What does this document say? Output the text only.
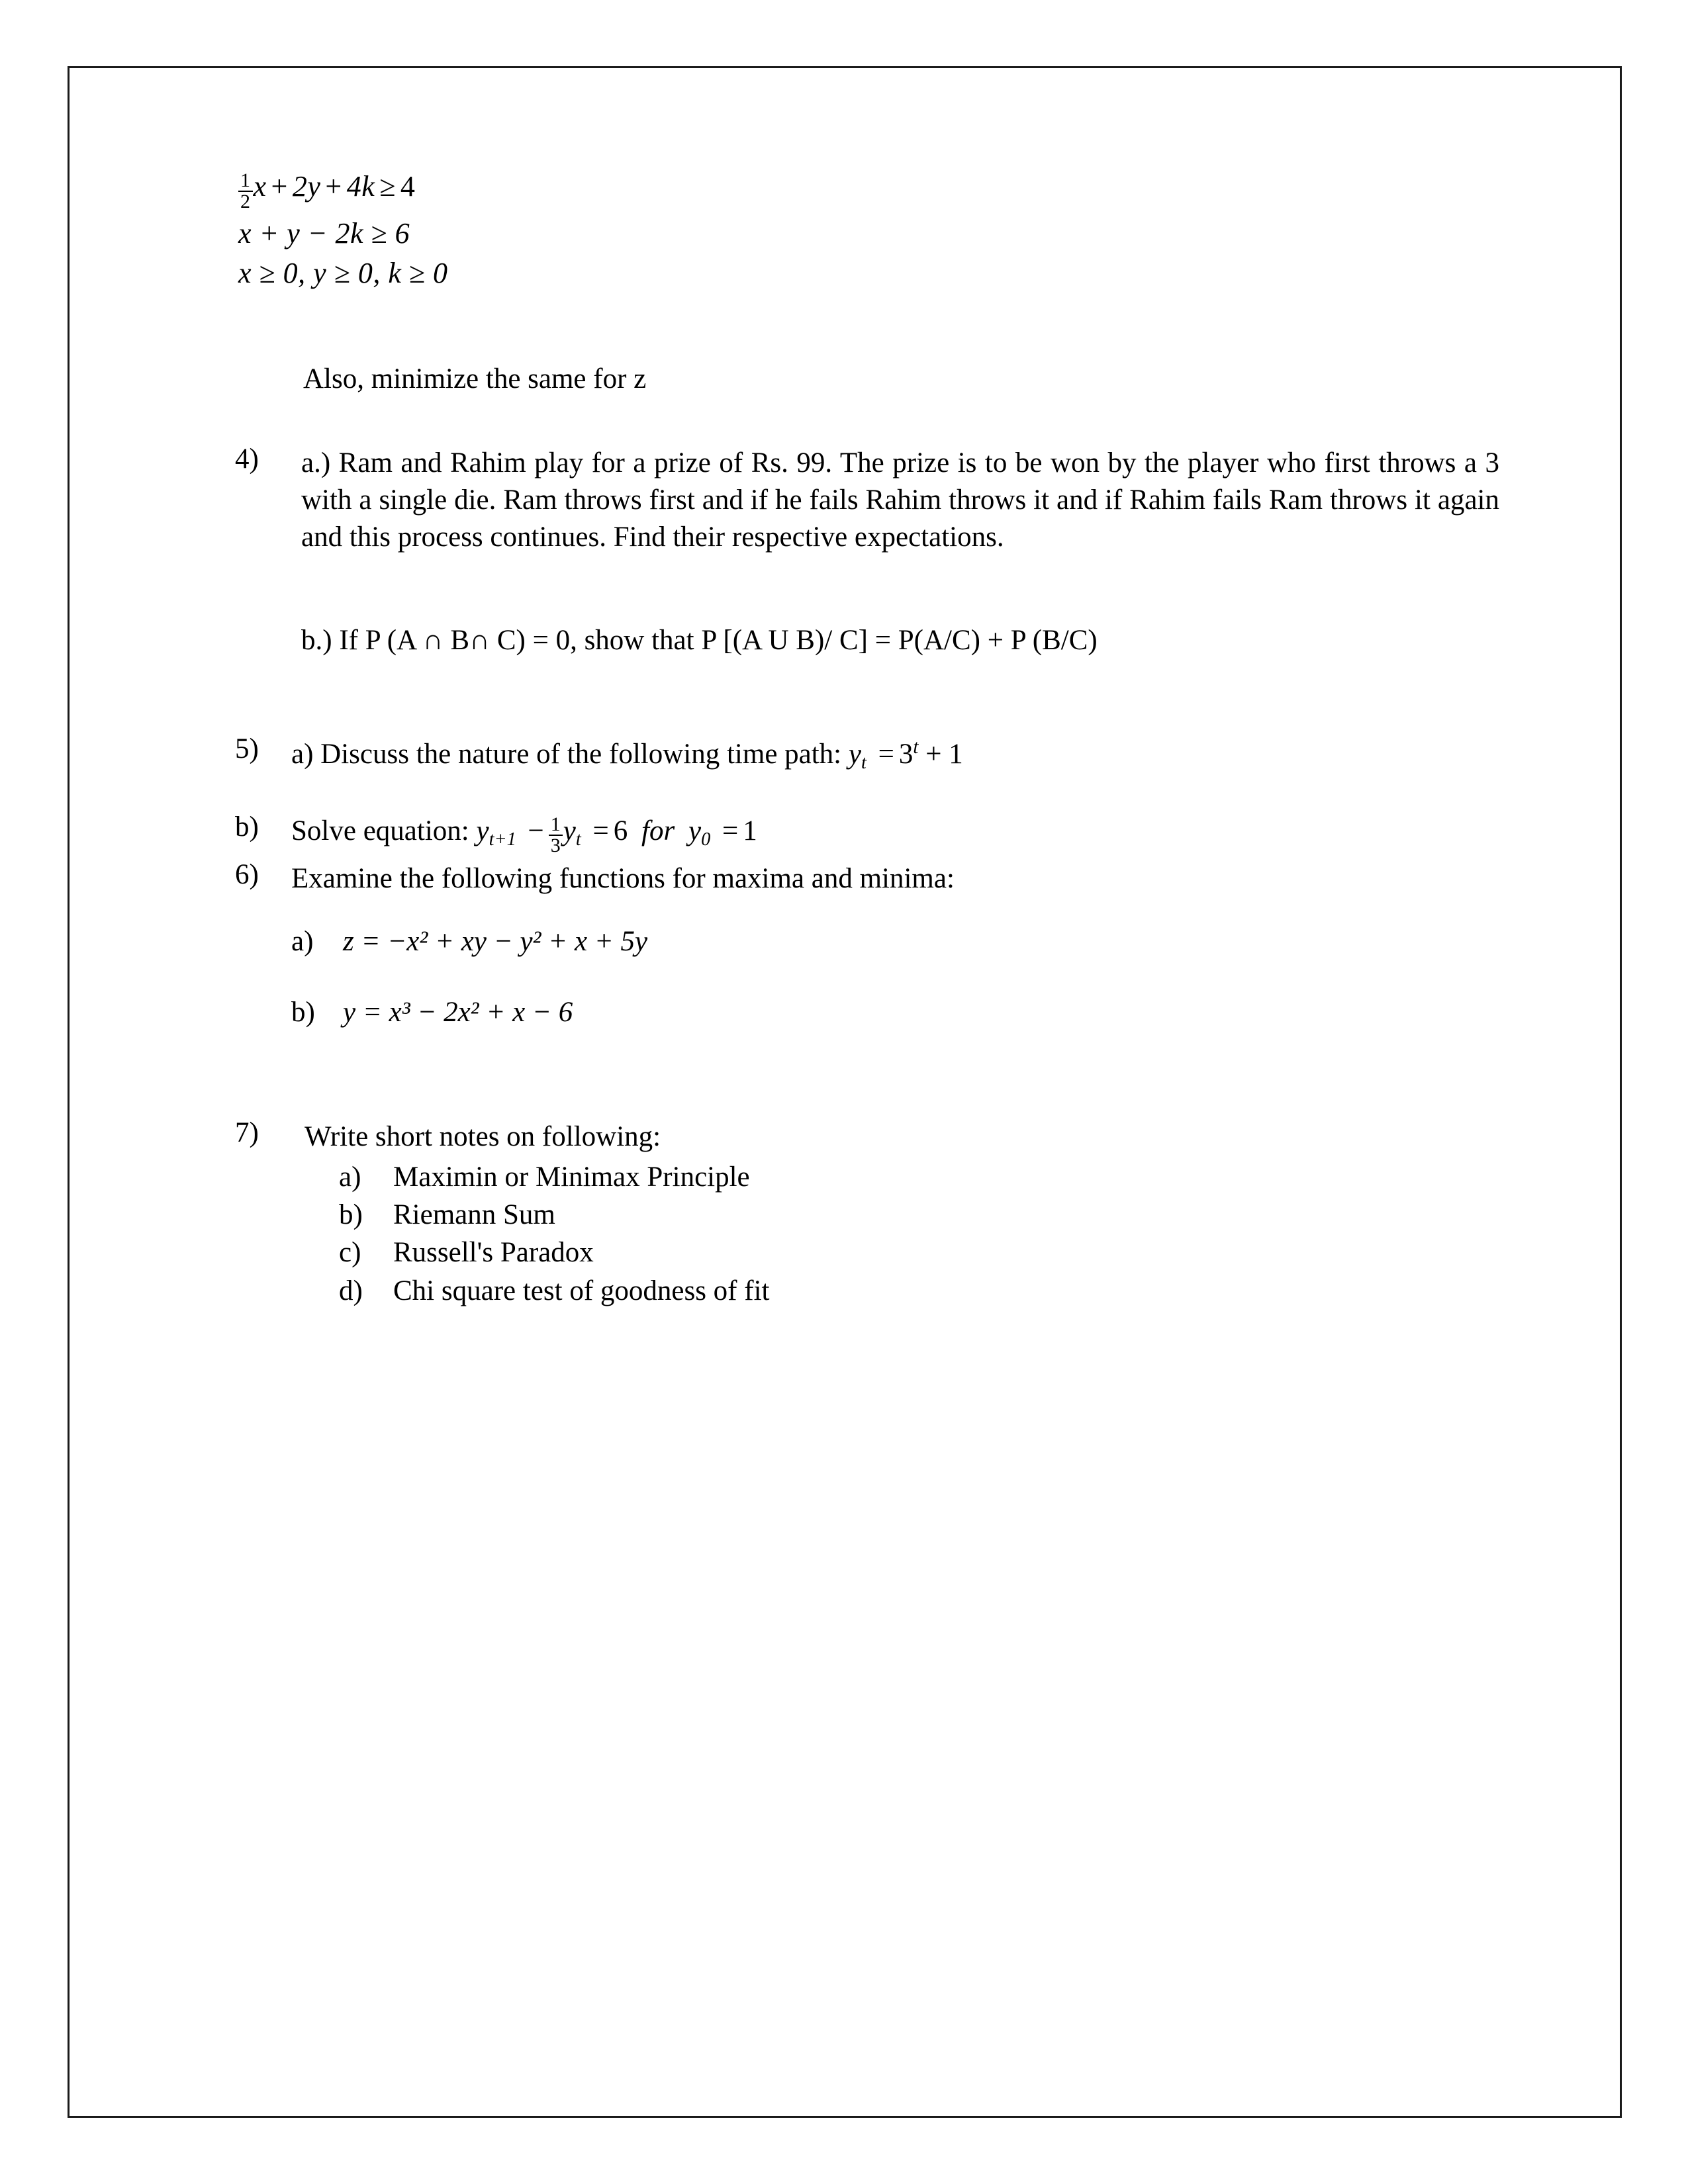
$\frac{1}{2}$ x + 2y + 4k ≥ 4
x + y − 2k ≥ 6
x ≥ 0, y ≥ 0, k ≥ 0
Also, minimize the same for z
4) a.) Ram and Rahim play for a prize of Rs. 99. The prize is to be won by the player who first throws a 3 with a single die. Ram throws first and if he fails Rahim throws it and if Rahim fails Ram throws it again and this process continues. Find their respective expectations.
b.) If P (A ∩ B∩ C) = 0, show that P [(A U B)/ C] = P(A/C) + P (B/C)
5) a) Discuss the nature of the following time path: $y_t = 3^t + 1$
b) Solve equation: $y_{t+1} - \frac{1}{3} y_t = 6$ for $y_0 = 1$
6) Examine the following functions for maxima and minima:
a) z = −x² + xy − y² + x + 5y
b) y = x³ − 2x² + x − 6
7) Write short notes on following:
a) Maximin or Minimax Principle
b) Riemann Sum
c) Russell's Paradox
d) Chi square test of goodness of fit
